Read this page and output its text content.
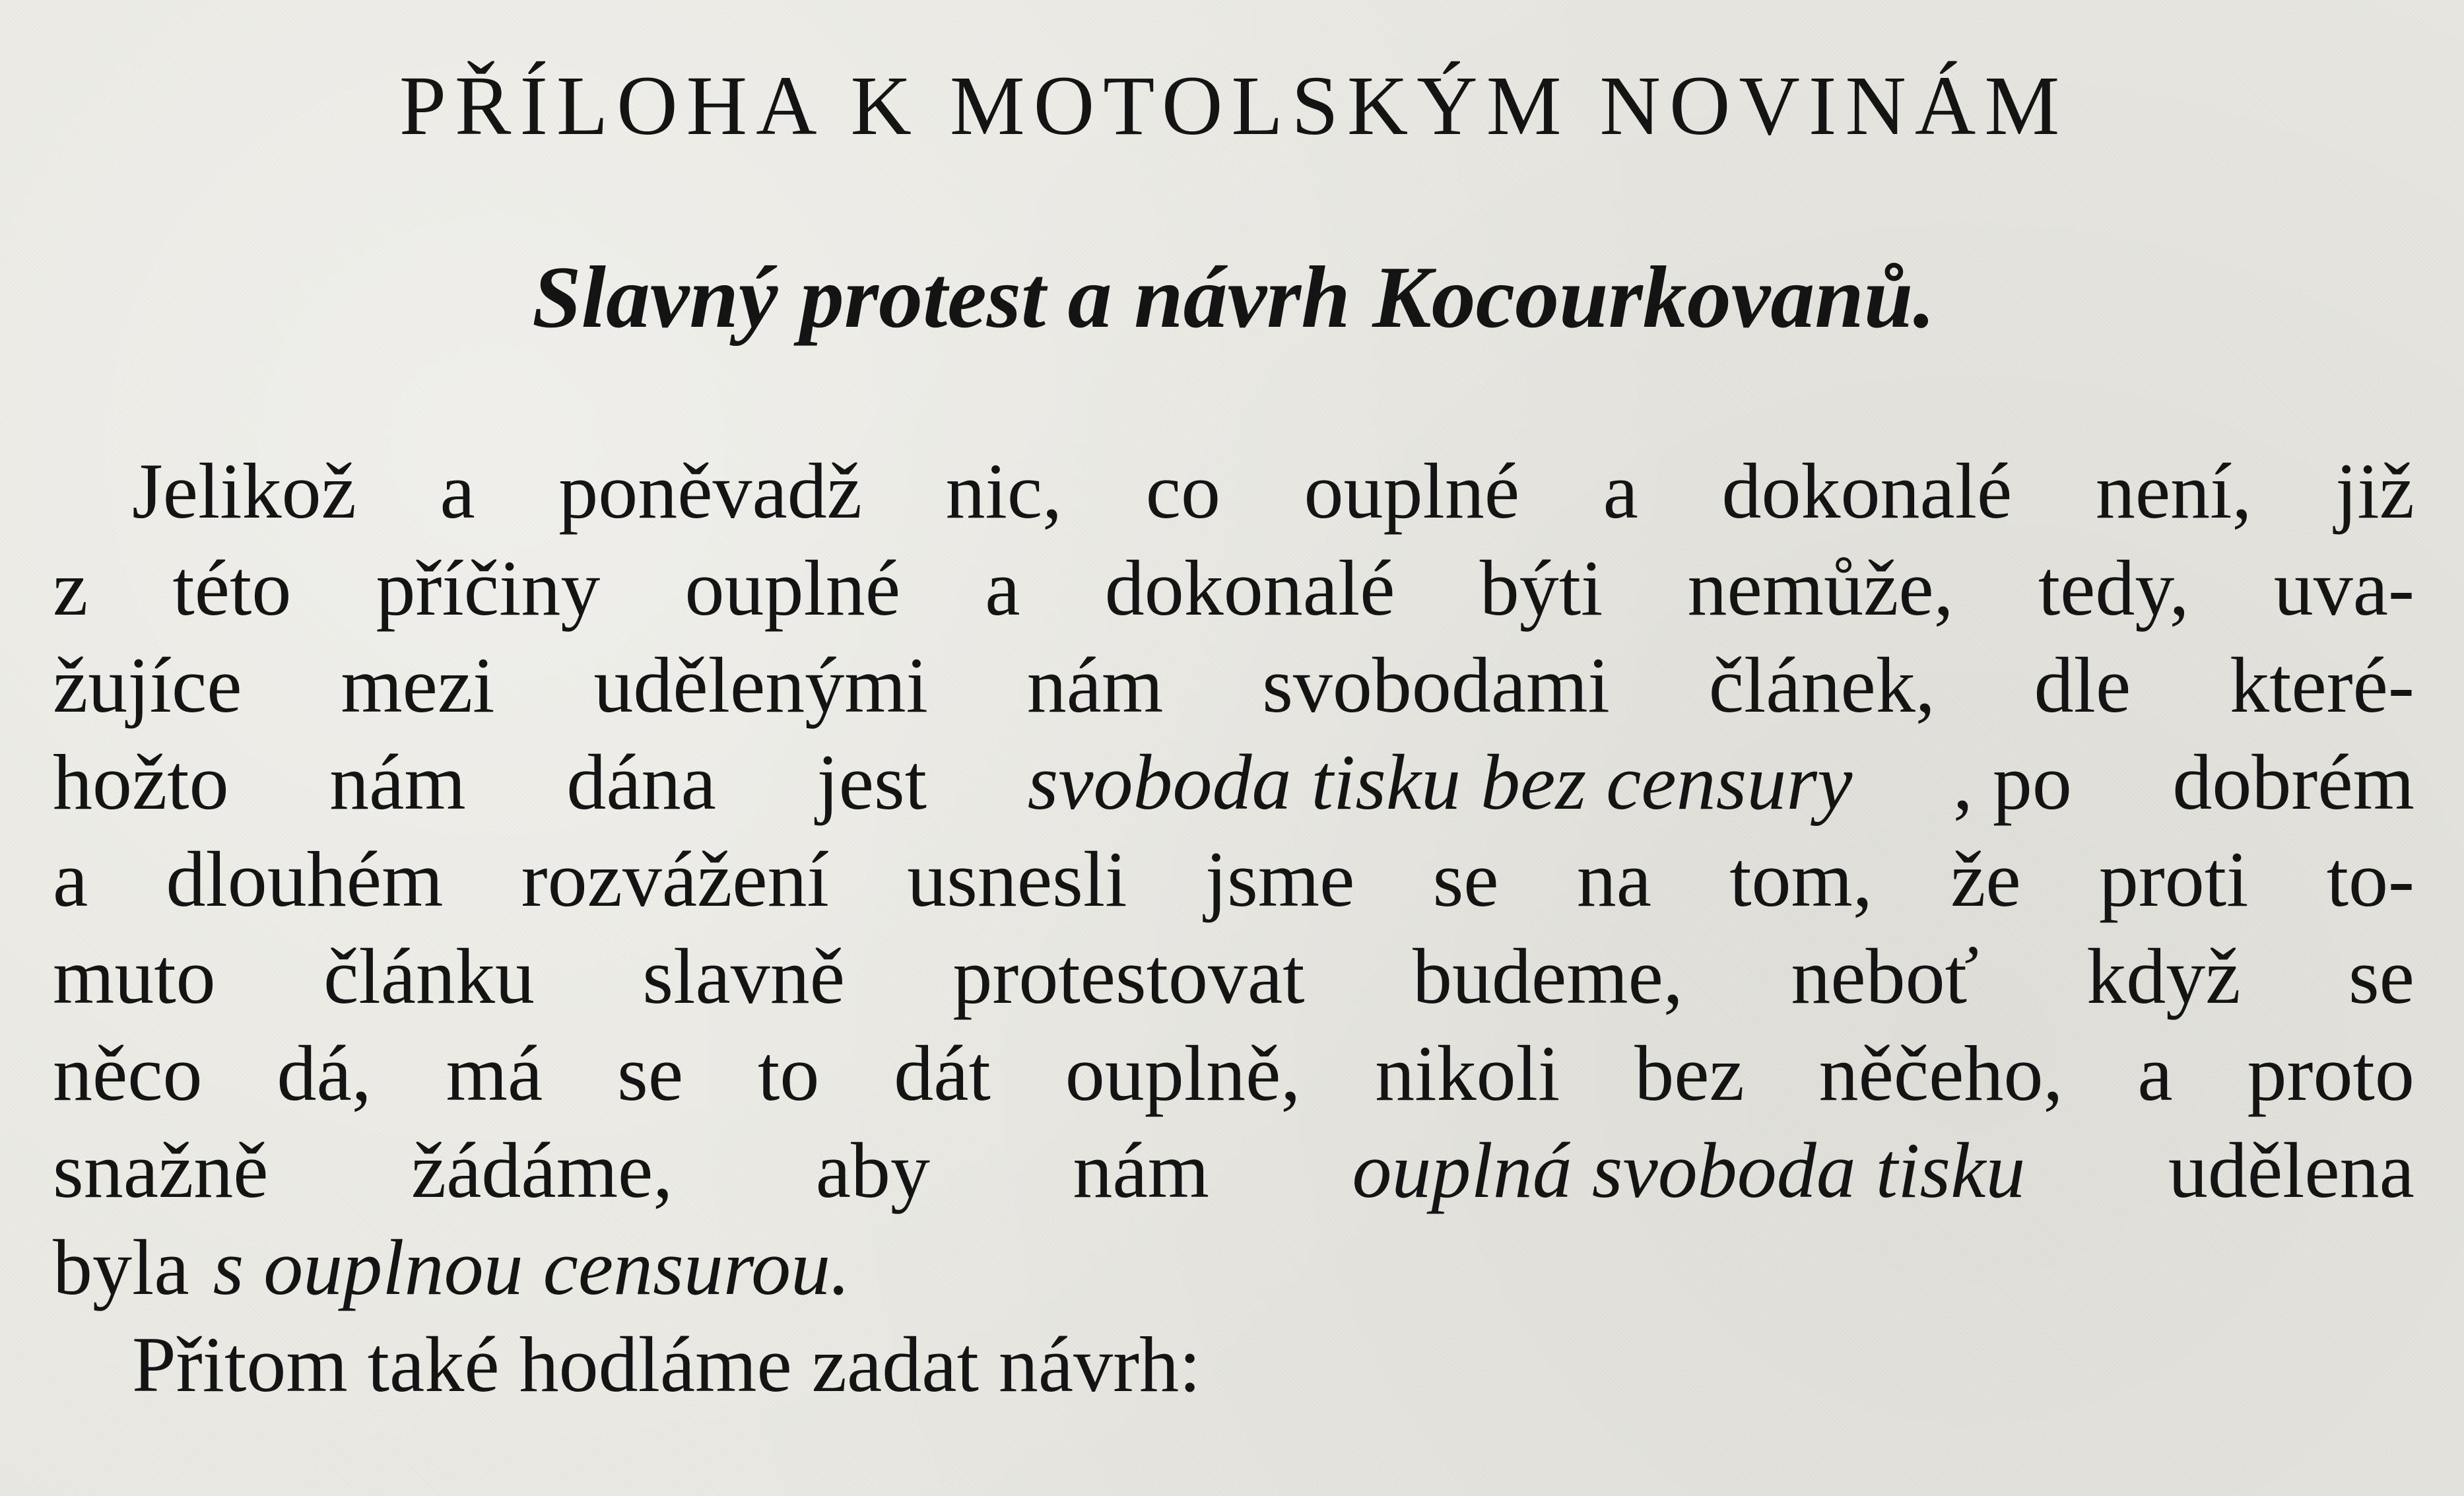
PŘÍLOHA K MOTOLSKÝM NOVINÁM
Slavný protest a návrh Kocourkovanů.
Jelikož a poněvadž nic, co ouplné a dokonalé není, již
z této příčiny ouplné a dokonalé býti nemůže, tedy, uva-
žujíce mezi udělenými nám svobodami článek, dle které-
hožto nám dána jest svoboda tisku bez censury , po dobrém
a dlouhém rozvážení usnesli jsme se na tom, že proti to-
muto článku slavně protestovat budeme, neboť když se
něco dá, má se to dát ouplně, nikoli bez něčeho, a proto
snažně žádáme, aby nám ouplná svoboda tisku udělena
byla s ouplnou censurou.
Přitom také hodláme zadat návrh:
